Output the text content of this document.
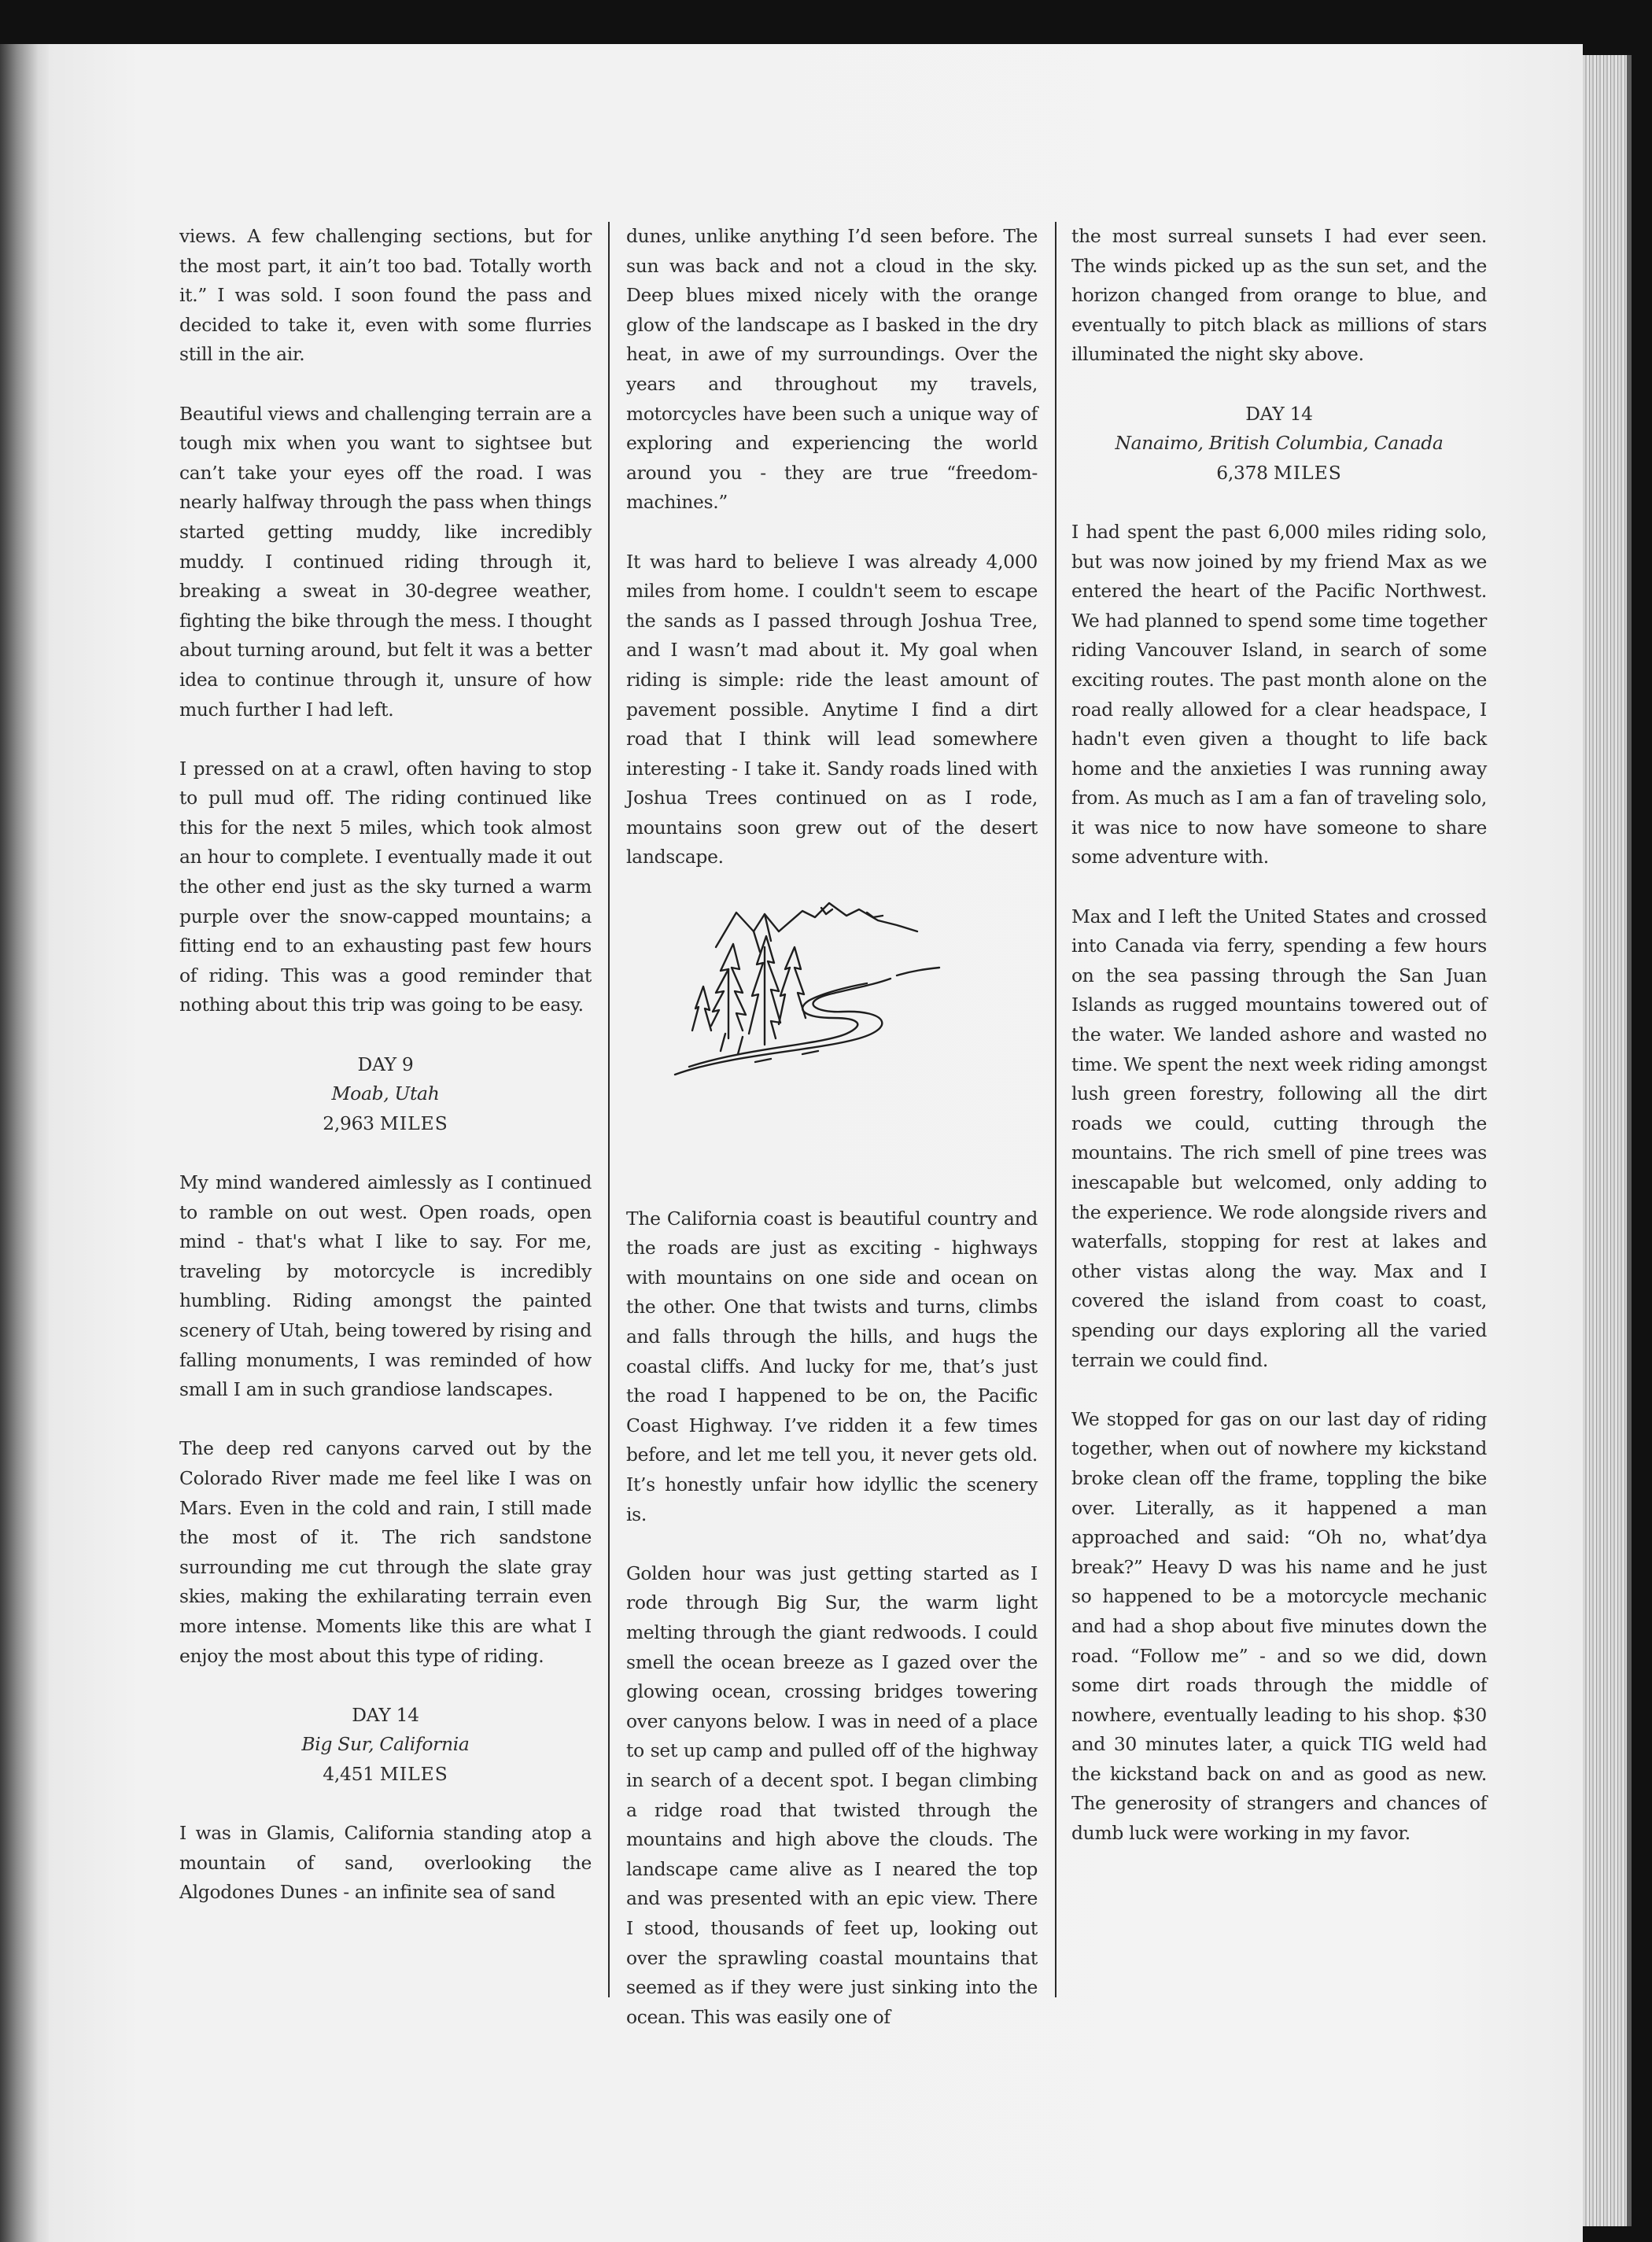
views. A few challenging sections, but for the most part, it ain’t too bad. Totally worth it.” I was sold. I soon found the pass and decided to take it, even with some flurries still in the air.

Beautiful views and challenging terrain are a tough mix when you want to sightsee but can’t take your eyes off the road. I was nearly halfway through the pass when things started getting muddy, like incredibly muddy. I continued riding through it, breaking a sweat in 30-degree weather, fighting the bike through the mess. I thought about turning around, but felt it was a better idea to continue through it, unsure of how much further I had left.

I pressed on at a crawl, often having to stop to pull mud off. The riding continued like this for the next 5 miles, which took almost an hour to complete. I eventually made it out the other end just as the sky turned a warm purple over the snow-capped mountains; a fitting end to an exhausting past few hours of riding. This was a good reminder that nothing about this trip was going to be easy.

DAY 9
Moab, Utah
2,963 MILES

My mind wandered aimlessly as I continued to ramble on out west. Open roads, open mind - that's what I like to say. For me, traveling by motorcycle is incredibly humbling. Riding amongst the painted scenery of Utah, being towered by rising and falling monuments, I was reminded of how small I am in such grandiose landscapes.

The deep red canyons carved out by the Colorado River made me feel like I was on Mars. Even in the cold and rain, I still made the most of it. The rich sandstone surrounding me cut through the slate gray skies, making the exhilarating terrain even more intense. Moments like this are what I enjoy the most about this type of riding.

DAY 14
Big Sur, California
4,451 MILES

I was in Glamis, California standing atop a mountain of sand, overlooking the Algodones Dunes - an infinite sea of sand

dunes, unlike anything I’d seen before. The sun was back and not a cloud in the sky. Deep blues mixed nicely with the orange glow of the landscape as I basked in the dry heat, in awe of my surroundings. Over the years and throughout my travels, motorcycles have been such a unique way of exploring and experiencing the world around you - they are true “freedom-machines.”

It was hard to believe I was already 4,000 miles from home. I couldn't seem to escape the sands as I passed through Joshua Tree, and I wasn’t mad about it. My goal when riding is simple: ride the least amount of pavement possible. Anytime I find a dirt road that I think will lead somewhere interesting - I take it. Sandy roads lined with Joshua Trees continued on as I rode, mountains soon grew out of the desert landscape.

The California coast is beautiful country and the roads are just as exciting - highways with mountains on one side and ocean on the other. One that twists and turns, climbs and falls through the hills, and hugs the coastal cliffs. And lucky for me, that’s just the road I happened to be on, the Pacific Coast Highway. I’ve ridden it a few times before, and let me tell you, it never gets old. It’s honestly unfair how idyllic the scenery is.

Golden hour was just getting started as I rode through Big Sur, the warm light melting through the giant redwoods. I could smell the ocean breeze as I gazed over the glowing ocean, crossing bridges towering over canyons below. I was in need of a place to set up camp and pulled off of the highway in search of a decent spot. I began climbing a ridge road that twisted through the mountains and high above the clouds. The landscape came alive as I neared the top and was presented with an epic view. There I stood, thousands of feet up, looking out over the sprawling coastal mountains that seemed as if they were just sinking into the ocean. This was easily one of

the most surreal sunsets I had ever seen. The winds picked up as the sun set, and the horizon changed from orange to blue, and eventually to pitch black as millions of stars illuminated the night sky above.

DAY 14
Nanaimo, British Columbia, Canada
6,378 MILES

I had spent the past 6,000 miles riding solo, but was now joined by my friend Max as we entered the heart of the Pacific Northwest. We had planned to spend some time together riding Vancouver Island, in search of some exciting routes. The past month alone on the road really allowed for a clear headspace, I hadn't even given a thought to life back home and the anxieties I was running away from. As much as I am a fan of traveling solo, it was nice to now have someone to share some adventure with.

Max and I left the United States and crossed into Canada via ferry, spending a few hours on the sea passing through the San Juan Islands as rugged mountains towered out of the water. We landed ashore and wasted no time. We spent the next week riding amongst lush green forestry, following all the dirt roads we could, cutting through the mountains. The rich smell of pine trees was inescapable but welcomed, only adding to the experience. We rode alongside rivers and waterfalls, stopping for rest at lakes and other vistas along the way. Max and I covered the island from coast to coast, spending our days exploring all the varied terrain we could find.

We stopped for gas on our last day of riding together, when out of nowhere my kickstand broke clean off the frame, toppling the bike over. Literally, as it happened a man approached and said: “Oh no, what’dya break?” Heavy D was his name and he just so happened to be a motorcycle mechanic and had a shop about five minutes down the road. “Follow me” - and so we did, down some dirt roads through the middle of nowhere, eventually leading to his shop. $30 and 30 minutes later, a quick TIG weld had the kickstand back on and as good as new. The generosity of strangers and chances of dumb luck were working in my favor.
